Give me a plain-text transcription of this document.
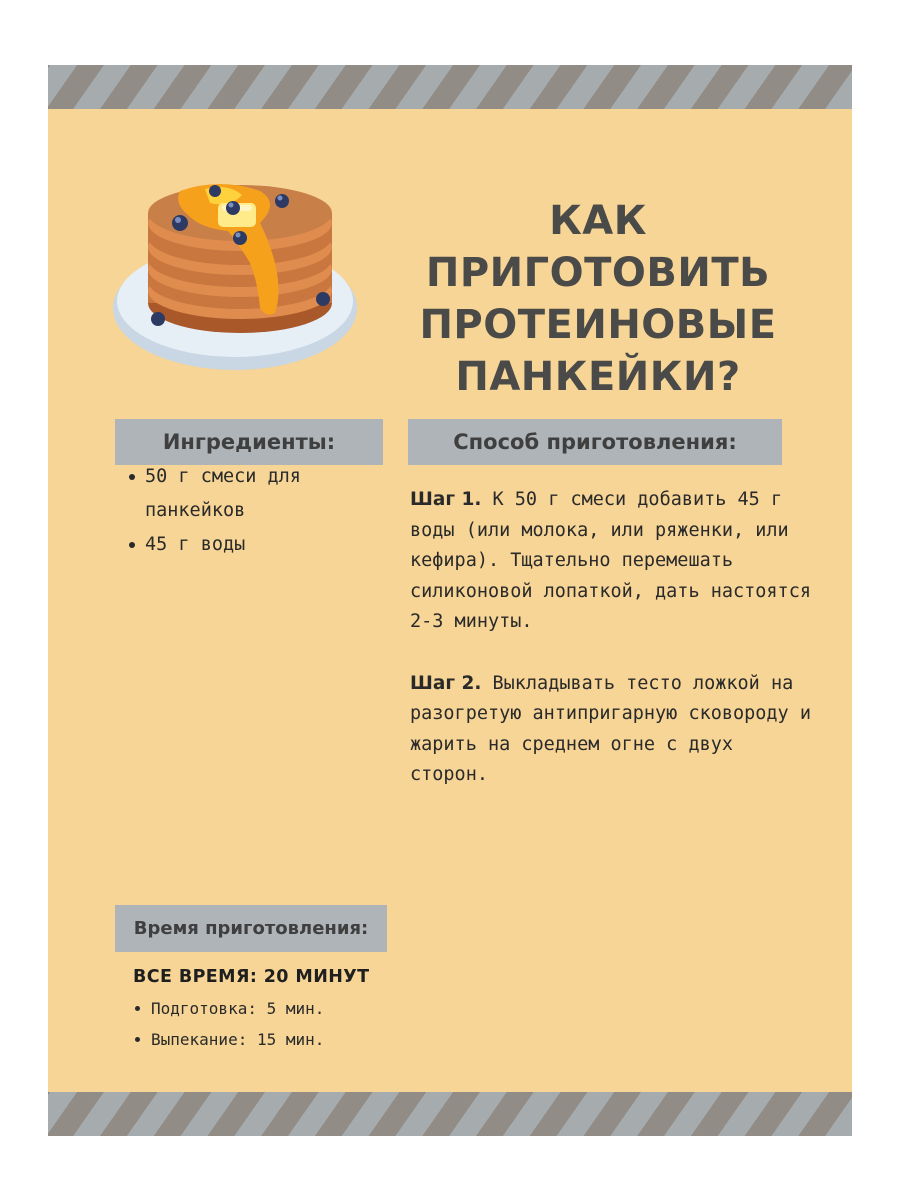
КАК ПРИГОТОВИТЬ ПРОТЕИНОВЫЕ ПАНКЕЙКИ?
Ингредиенты:
50 г смеси для панкейков
45 г воды
Способ приготовления:

Шаг 1. К 50 г смеси добавить 45 г воды (или молока, или ряженки, или кефира). Тщательно перемешать силиконовой лопаткой, дать настоятся 2-3 минуты.

Шаг 2. Выкладывать тесто ложкой на разогретую антипригарную сковороду и жарить на среднем огне с двух сторон.

Время приготовления:
ВСЕ ВРЕМЯ: 20 МИНУТ
Подготовка: 5 мин.
Выпекание: 15 мин.
